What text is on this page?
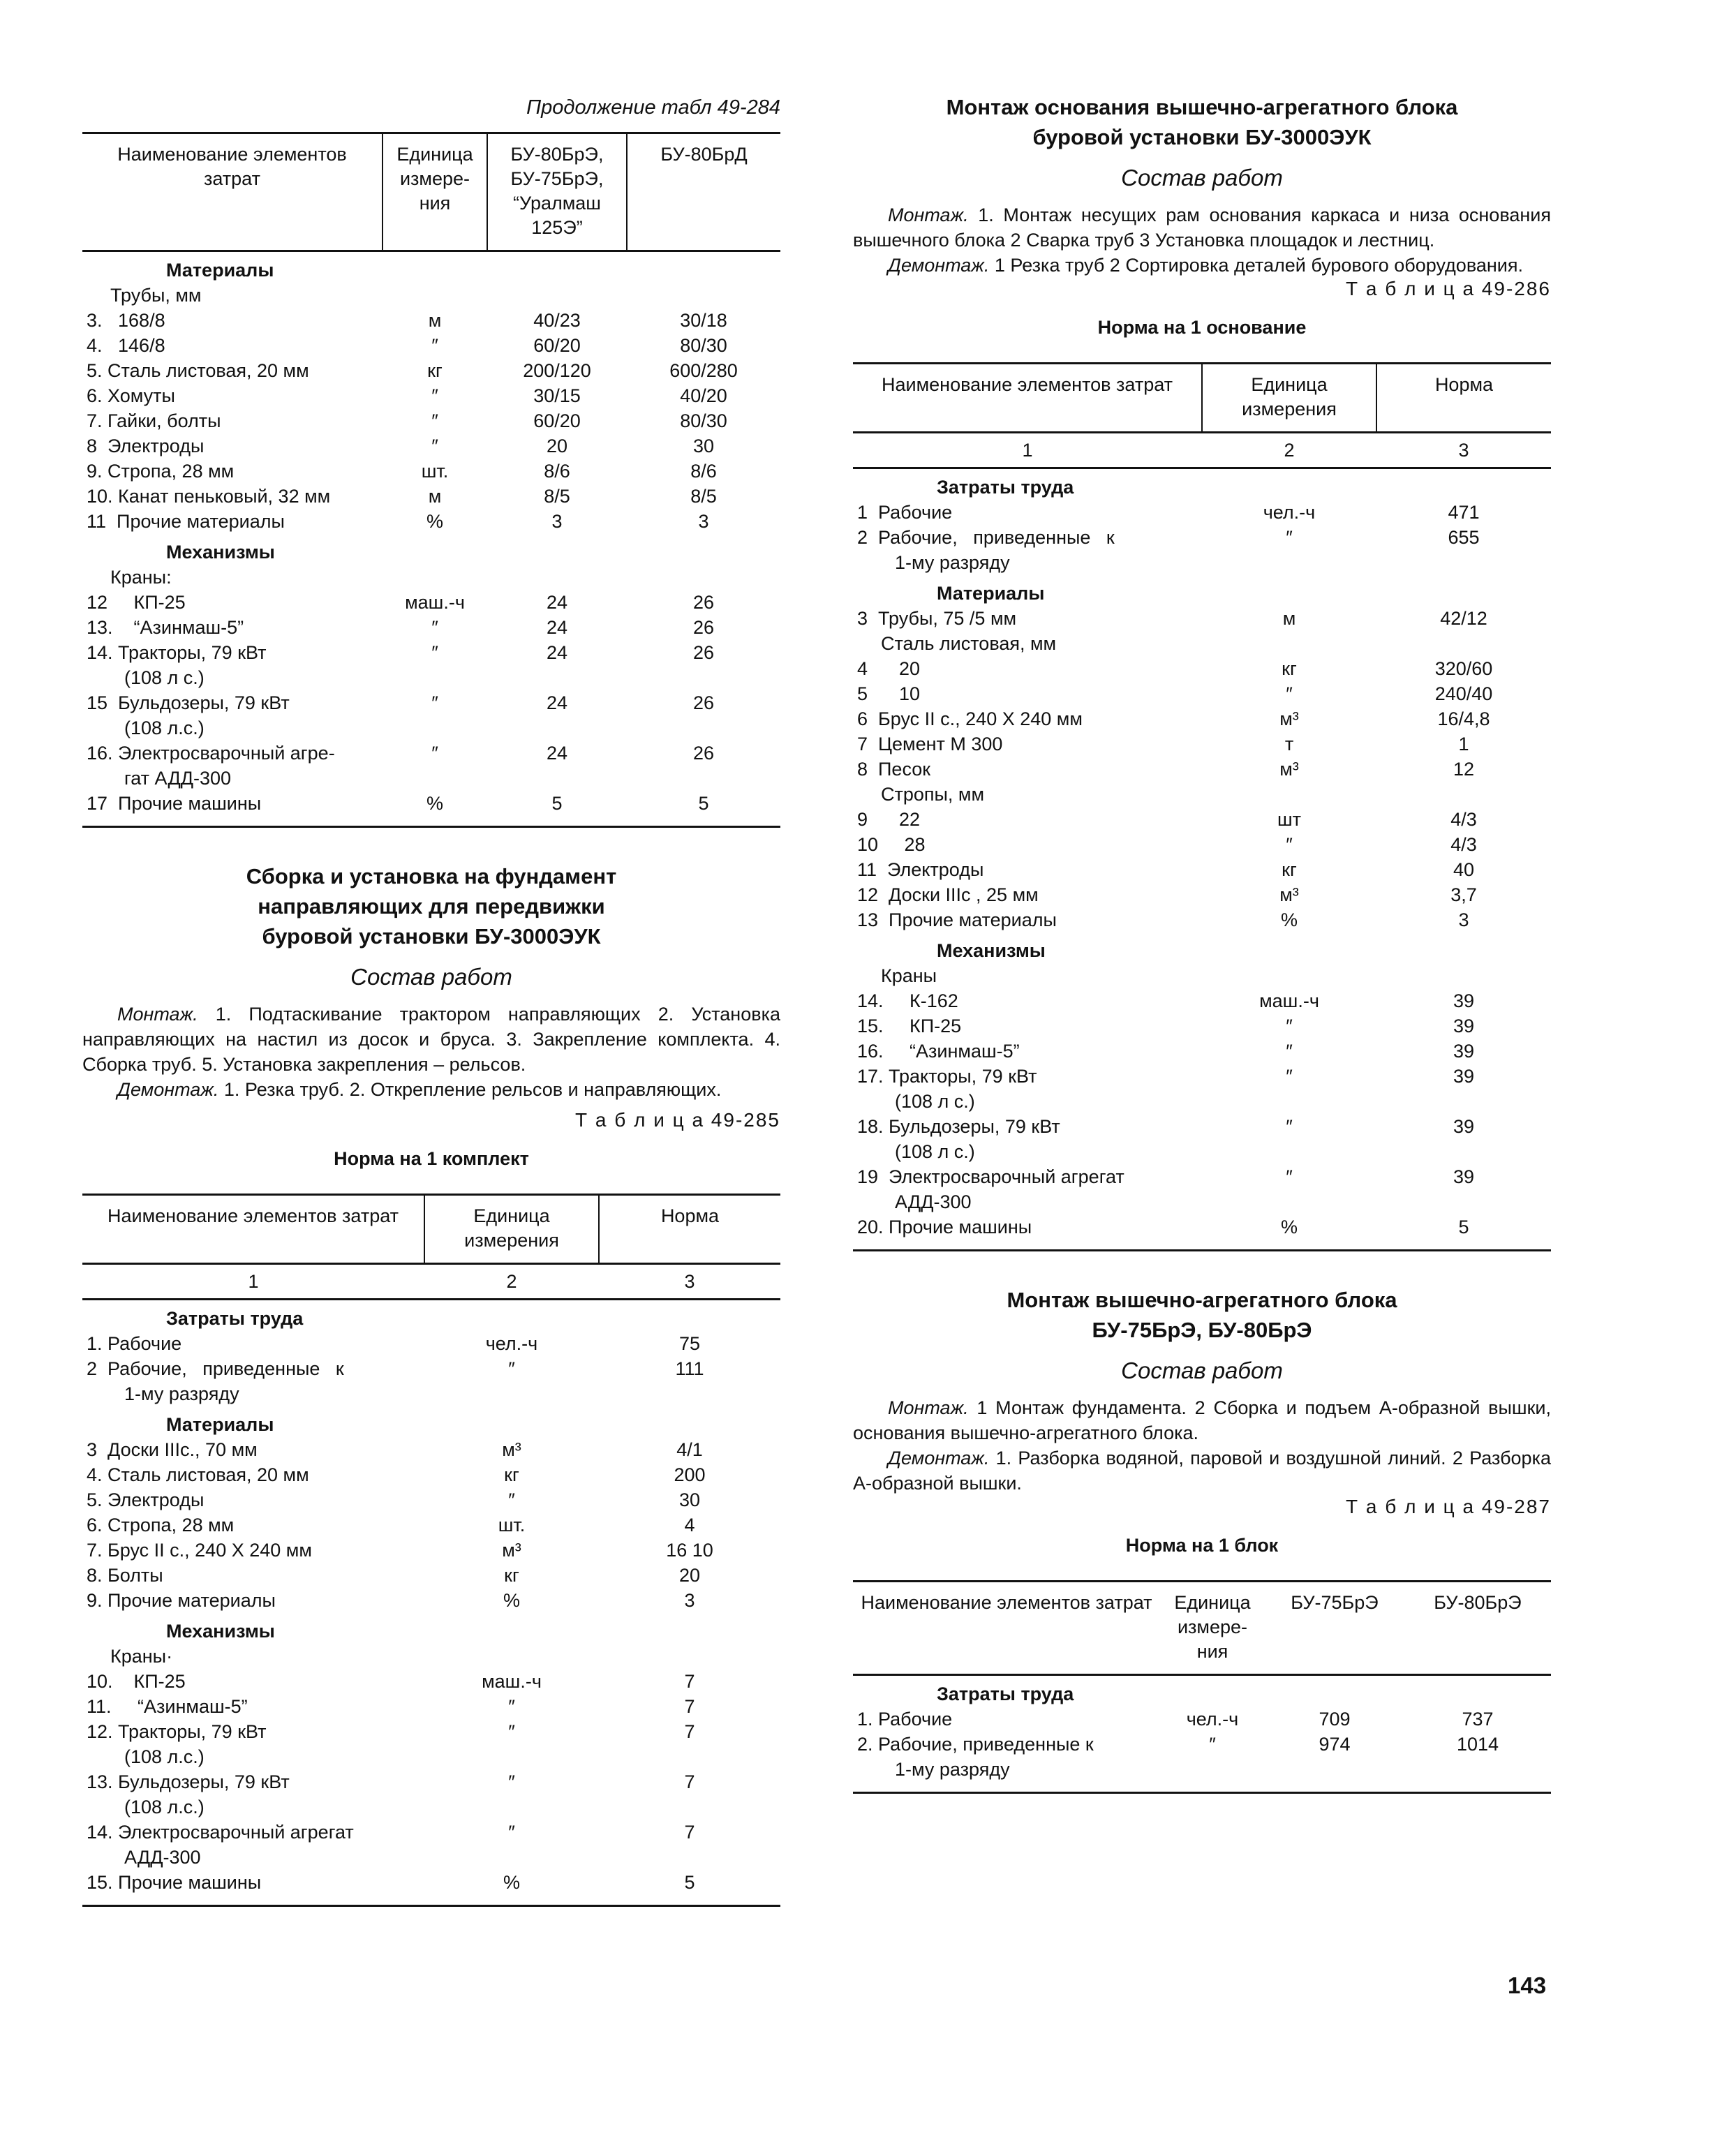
Продолжение табл 49-284
Наименование элементов затрат	Единица измере-ния	БУ-80БрЭ, БУ-75БрЭ, “Уралмаш 125Э”	БУ-80БрД
Материалы			
Трубы, мм			
3.   168/8	м	40/23	30/18
4.   146/8	″	60/20	80/30
5. Сталь листовая, 20 мм	кг	200/120	600/280
6. Хомуты	″	30/15	40/20
7. Гайки, болты	″	60/20	80/30
8  Электроды	″	20	30
9. Стропа, 28 мм	шт.	8/6	8/6
10. Канат пеньковый, 32 мм	м	8/5	8/5
11  Прочие материалы	%	3	3
Механизмы			
Краны:			
12     КП-25	маш.-ч	24	26
13.    “Азинмаш-5”	″	24	26
14. Тракторы, 79 кВт	″	24	26
(108 л с.)			
15  Бульдозеры, 79 кВт	″	24	26
(108 л.с.)			
16. Электросварочный агре-	″	24	26
гат АДД-300			
17  Прочие машины	%	5	5

Сборка и установка на фундамент
направляющих для передвижки
буровой установки БУ-3000ЭУК
Состав работ
Монтаж. 1. Подтаскивание трактором направляющих 2. Установка направляющих на настил из досок и бруса. 3. Закрепление комплекта. 4. Сборка труб. 5. Установка закрепления – рельсов.
Демонтаж. 1. Резка труб. 2. Открепление рельсов и направляющих.
Т а б л и ц а 49-285
Норма на 1 комплект
Наименование элементов затрат	Единица измерения	Норма
1	2	3
Затраты труда		
1. Рабочие	чел.-ч	75
2  Рабочие,   приведенные   к	″	111
1-му разряду		
Материалы		
3  Доски IIIс., 70 мм	м³	4/1
4. Сталь листовая, 20 мм	кг	200
5. Электроды	″	30
6. Стропа, 28 мм	шт.	4
7. Брус II с., 240 X 240 мм	м³	16 10
8. Болты	кг	20
9. Прочие материалы	%	3
Механизмы		
Краны·		
10.    КП-25	маш.-ч	7
11.     “Азинмаш-5”	″	7
12. Тракторы, 79 кВт	″	7
(108 л.с.)		
13. Бульдозеры, 79 кВт	″	7
(108 л.с.)		
14. Электросварочный агрегат	″	7
АДД-300		
15. Прочие машины	%	5

Монтаж основания вышечно-агрегатного блока
буровой установки БУ-3000ЭУК
Состав работ
Монтаж. 1. Монтаж несущих рам основания каркаса и низа основания вышечного блока 2 Сварка труб 3 Установка площадок и лестниц.
Демонтаж. 1 Резка труб 2 Сортировка деталей бурового оборудования.
Т а б л и ц а 49-286
Норма на 1 основание
Наименование элементов затрат	Единица измерения	Норма
1	2	3
Затраты труда		
1  Рабочие	чел.-ч	471
2  Рабочие,   приведенные   к	″	655
1-му разряду		
Материалы		
3  Трубы, 75 /5 мм	м	42/12
Сталь листовая, мм		
4      20	кг	320/60
5      10	″	240/40
6  Брус II с., 240 X 240 мм	м³	16/4,8
7  Цемент М 300	т	1
8  Песок	м³	12
Стропы, мм		
9      22	шт	4/3
10     28	″	4/3
11  Электроды	кг	40
12  Доски IIIс , 25 мм	м³	3,7
13  Прочие материалы	%	3
Механизмы		
Краны		
14.     К-162	маш.-ч	39
15.     КП-25	″	39
16.     “Азинмаш-5”	″	39
17. Тракторы, 79 кВт	″	39
(108 л с.)		
18. Бульдозеры, 79 кВт	″	39
(108 л с.)		
19  Электросварочный агрегат	″	39
АДД-300		
20. Прочие машины	%	5

Монтаж вышечно-агрегатного блока
БУ-75БрЭ, БУ-80БрЭ
Состав работ
Монтаж. 1 Монтаж фундамента. 2 Сборка и подъем А-образной вышки, основания вышечно-агрегатного блока.
Демонтаж. 1. Разборка водяной, паровой и воздушной линий. 2 Разборка А-образной вышки.
Т а б л и ц а 49-287
Норма на 1 блок
Наименование элементов затрат	Единица измере-ния	БУ-75БрЭ	БУ-80БрЭ
Затраты труда			
1. Рабочие	чел.-ч	709	737
2. Рабочие, приведенные к	″	974	1014
1-му разряду			

143
